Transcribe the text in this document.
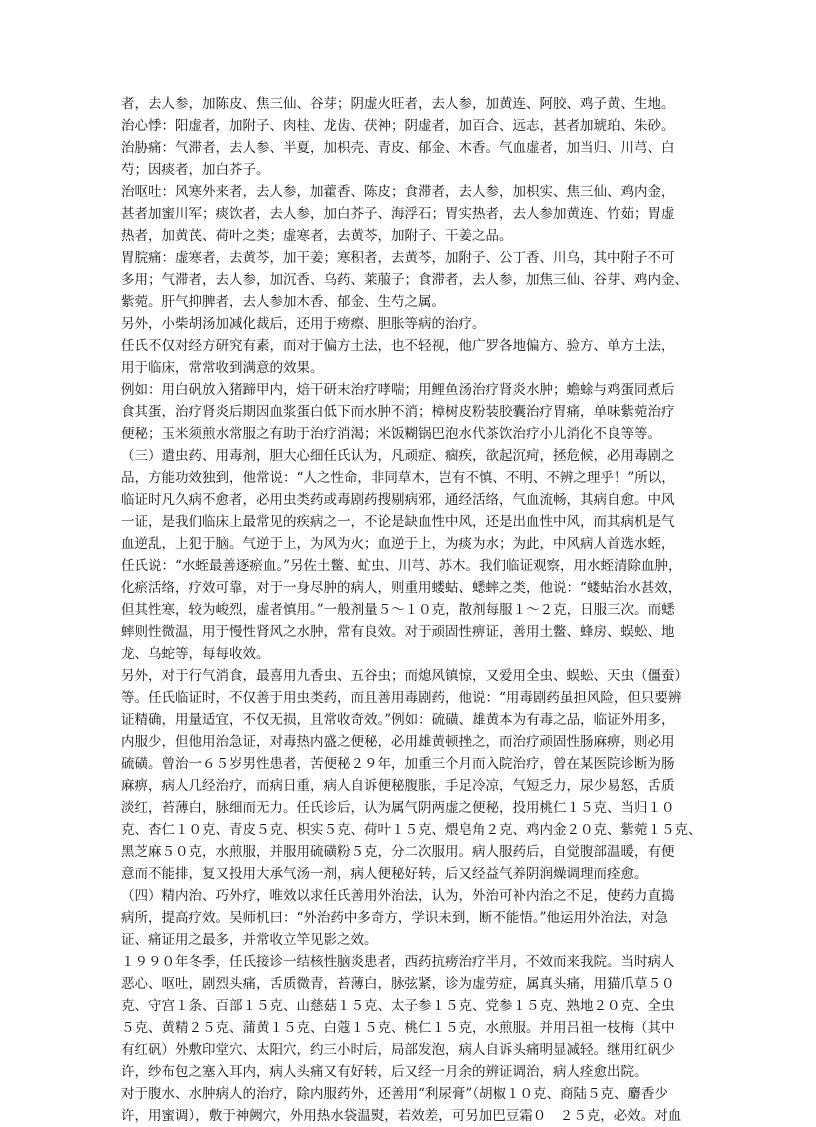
者，去人参，加陈皮、焦三仙、谷芽；阴虚火旺者，去人参，加黄连、阿胶、鸡子黄、生地。

治心悸：阳虚者，加附子、肉桂、龙齿、茯神；阴虚者，加百合、远志，甚者加琥珀、朱砂。

治胁痛：气滞者，去人参、半夏，加枳壳、青皮、郁金、木香。气血虚者，加当归、川芎、白
芍；因痰者，加白芥子。

治呕吐：风寒外来者，去人参，加藿香、陈皮；食滞者，去人参，加枳实、焦三仙、鸡内金，
甚者加蜜川军；痰饮者，去人参，加白芥子、海浮石；胃实热者，去人参加黄连、竹茹；胃虚
热者，加黄芪、荷叶之类；虚寒者，去黄芩，加附子、干姜之品。

胃脘痛：虚寒者，去黄芩，加干姜；寒积者，去黄芩，加附子、公丁香、川乌，其中附子不可
多用；气滞者，去人参，加沉香、乌药、莱菔子；食滞者，去人参，加焦三仙、谷芽、鸡内金、
紫菀。肝气抑脾者，去人参加木香、郁金、生芍之属。

另外，小柴胡汤加减化裁后，还用于痨瘵、胆胀等病的治疗。

任氏不仅对经方研究有素，而对于偏方土法，也不轻视，他广罗各地偏方、验方、单方土法，
用于临床，常常收到满意的效果。

例如：用白矾放入猪蹄甲内，焙干研末治疗哮喘；用鲤鱼汤治疗肾炎水肿；蟾蜍与鸡蛋同煮后
食其蛋，治疗肾炎后期因血浆蛋白低下而水肿不消；樟树皮粉装胶囊治疗胃痛，单味紫菀治疗
便秘；玉米须煎水常服之有助于治疗消渴；米饭糊锅巴泡水代茶饮治疗小儿消化不良等等。

（三）遣虫药、用毒剂，胆大心细任氏认为，凡顽症、痼疾，欲起沉疴，拯危候，必用毒剧之
品，方能功效独到，他常说：“人之性命，非同草木，岂有不慎、不明、不辨之理乎！”所以，
临证时凡久病不愈者，必用虫类药或毒剧药搜剔病邪，通经活络，气血流畅，其病自愈。中风
一证，是我们临床上最常见的疾病之一，不论是缺血性中风，还是出血性中风，而其病机是气
血逆乱，上犯于脑。气逆于上，为风为火；血逆于上，为痰为水；为此，中风病人首选水蛭，
任氏说：“水蛭最善逐瘀血。”另佐土鳖、虻虫、川芎、苏木。我们临证观察，用水蛭清除血肿，
化瘀活络，疗效可靠，对于一身尽肿的病人，则重用蝼蛄、蟋蟀之类，他说：“蝼蛄治水甚效，
但其性寒，较为峻烈，虚者慎用。”一般剂量５～１０克，散剂每服１～２克，日服三次。而蟋
蟀则性微温，用于慢性肾风之水肿，常有良效。对于顽固性痹证，善用土鳖、蜂房、蜈蚣、地
龙、乌蛇等，每每收效。

另外，对于行气消食，最喜用九香虫、五谷虫；而熄风镇惊，又爱用全虫、蜈蚣、天虫（僵蚕）
等。任氏临证时，不仅善于用虫类药，而且善用毒剧药，他说：“用毒剧药虽担风险，但只要辨
证精确，用量适宜，不仅无损，且常收奇效。”例如：硫磺、雄黄本为有毒之品，临证外用多，
内服少，但他用治急证，对毒热内盛之便秘，必用雄黄顿挫之，而治疗顽固性肠麻痹，则必用
硫磺。曾治一６５岁男性患者，苦便秘２９年，加重三个月而入院治疗，曾在某医院诊断为肠
麻痹，病人几经治疗，而病日重，病人自诉便秘腹胀，手足冷凉，气短乏力，尿少易怒，舌质
淡红，苔薄白，脉细而无力。任氏诊后，认为属气阴两虚之便秘，投用桃仁１５克、当归１０
克、杏仁１０克、青皮５克、枳实５克、荷叶１５克、煨皂角２克、鸡内金２０克、紫菀１５克、
黑芝麻５０克，水煎服，并服用硫磺粉５克，分二次服用。病人服药后，自觉腹部温暖，有便
意而不能排，复又投用大承气汤一剂，病人便秘好转，后又经益气养阴润燥调理而痊愈。

（四）精内治、巧外疗，唯效以求任氏善用外治法，认为，外治可补内治之不足，使药力直捣
病所，提高疗效。吴师机曰：“外治药中多奇方，学识未到，断不能悟。”他运用外治法，对急
证、痛证用之最多，并常收立竿见影之效。

１９９０年冬季，任氏接诊一结核性脑炎患者，西药抗痨治疗半月，不效而来我院。当时病人
恶心、呕吐，剧烈头痛，舌质微青，苔薄白，脉弦紧，诊为虚劳症，属真头痛，用猫爪草５０
克、守宫１条、百部１５克、山慈菇１５克、太子参１５克、党参１５克、熟地２０克、全虫
５克、黄精２５克、蒲黄１５克、白蔻１５克、桃仁１５克，水煎服。并用吕祖一枝梅（其中
有红矾）外敷印堂穴、太阳穴，约三小时后，局部发泡，病人自诉头痛明显减轻。继用红矾少
许，纱布包之塞入耳内，病人头痛又有好转，后又经一月余的辨证调治，病人痊愈出院。

对于腹水、水肿病人的治疗，除内服药外，还善用“利尿膏”（胡椒１０克、商陆５克、麝香少
许，用蜜调），敷于神阙穴，外用热水袋温熨，若效差，可另加巴豆霜０　２５克，必效。对血
